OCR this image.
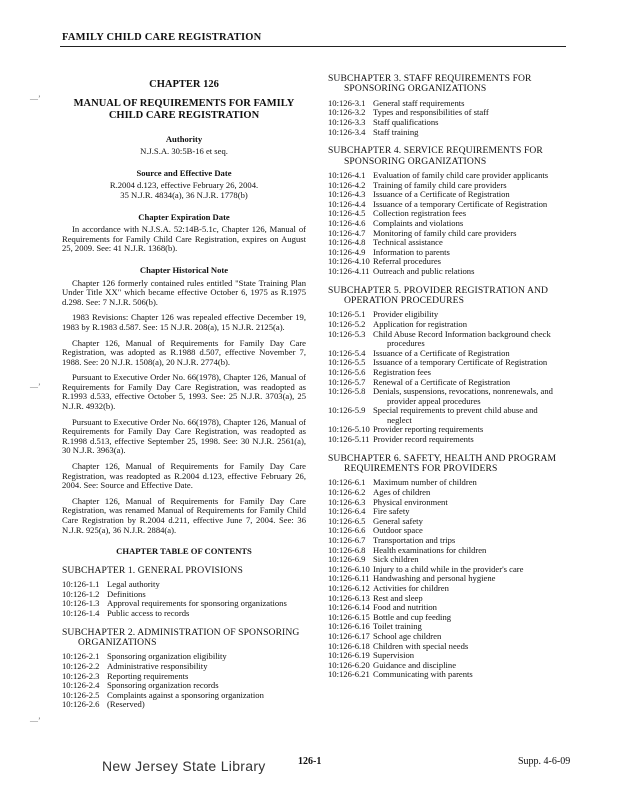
FAMILY CHILD CARE REGISTRATION
—’
—’
—’
CHAPTER 126
MANUAL OF REQUIREMENTS FOR FAMILY
CHILD CARE REGISTRATION
Authority
N.J.S.A. 30:5B-16 et seq.
Source and Effective Date
R.2004 d.123, effective February 26, 2004.
35 N.J.R. 4834(a), 36 N.J.R. 1778(b)
Chapter Expiration Date

In accordance with N.J.S.A. 52:14B-5.1c, Chapter 126, Manual of Requirements for Family Child Care Registration, expires on August 25, 2009. See: 41 N.J.R. 1368(b).

Chapter Historical Note

Chapter 126 formerly contained rules entitled "State Training Plan Under Title XX" which became effective October 6, 1975 as R.1975 d.298. See: 7 N.J.R. 506(b).

1983 Revisions: Chapter 126 was repealed effective December 19, 1983 by R.1983 d.587. See: 15 N.J.R. 208(a), 15 N.J.R. 2125(a).

Chapter 126, Manual of Requirements for Family Day Care Registration, was adopted as R.1988 d.507, effective November 7, 1988. See: 20 N.J.R. 1508(a), 20 N.J.R. 2774(b).

Pursuant to Executive Order No. 66(1978), Chapter 126, Manual of Requirements for Family Day Care Registration, was readopted as R.1993 d.533, effective October 5, 1993. See: 25 N.J.R. 3703(a), 25 N.J.R. 4932(b).

Pursuant to Executive Order No. 66(1978), Chapter 126, Manual of Requirements for Family Day Care Registration, was readopted as R.1998 d.513, effective September 25, 1998. See: 30 N.J.R. 2561(a), 30 N.J.R. 3963(a).

Chapter 126, Manual of Requirements for Family Day Care Registration, was readopted as R.2004 d.123, effective February 26, 2004. See: Source and Effective Date.

Chapter 126, Manual of Requirements for Family Day Care Registration, was renamed Manual of Requirements for Family Child Care Registration by R.2004 d.211, effective June 7, 2004. See: 36 N.J.R. 925(a), 36 N.J.R. 2884(a).

CHAPTER TABLE OF CONTENTS
SUBCHAPTER 1. GENERAL PROVISIONS
10:126-1.1 Legal authority
10:126-1.2 Definitions
10:126-1.3 Approval requirements for sponsoring organizations
10:126-1.4 Public access to records
SUBCHAPTER 2. ADMINISTRATION OF SPONSORING
ORGANIZATIONS
10:126-2.1 Sponsoring organization eligibility
10:126-2.2 Administrative responsibility
10:126-2.3 Reporting requirements
10:126-2.4 Sponsoring organization records
10:126-2.5 Complaints against a sponsoring organization
10:126-2.6 (Reserved)
SUBCHAPTER 3. STAFF REQUIREMENTS FOR
SPONSORING ORGANIZATIONS
10:126-3.1 General staff requirements
10:126-3.2 Types and responsibilities of staff
10:126-3.3 Staff qualifications
10:126-3.4 Staff training
SUBCHAPTER 4. SERVICE REQUIREMENTS FOR
SPONSORING ORGANIZATIONS
10:126-4.1 Evaluation of family child care provider applicants
10:126-4.2 Training of family child care providers
10:126-4.3 Issuance of a Certificate of Registration
10:126-4.4 Issuance of a temporary Certificate of Registration
10:126-4.5 Collection registration fees
10:126-4.6 Complaints and violations
10:126-4.7 Monitoring of family child care providers
10:126-4.8 Technical assistance
10:126-4.9 Information to parents
10:126-4.10 Referral procedures
10:126-4.11 Outreach and public relations
SUBCHAPTER 5. PROVIDER REGISTRATION AND
OPERATION PROCEDURES
10:126-5.1 Provider eligibility
10:126-5.2 Application for registration
10:126-5.3 Child Abuse Record Information background check
procedures
10:126-5.4 Issuance of a Certificate of Registration
10:126-5.5 Issuance of a temporary Certificate of Registration
10:126-5.6 Registration fees
10:126-5.7 Renewal of a Certificate of Registration
10:126-5.8 Denials, suspensions, revocations, nonrenewals, and
provider appeal procedures
10:126-5.9 Special requirements to prevent child abuse and
neglect
10:126-5.10 Provider reporting requirements
10:126-5.11 Provider record requirements
SUBCHAPTER 6. SAFETY, HEALTH AND PROGRAM
REQUIREMENTS FOR PROVIDERS
10:126-6.1 Maximum number of children
10:126-6.2 Ages of children
10:126-6.3 Physical environment
10:126-6.4 Fire safety
10:126-6.5 General safety
10:126-6.6 Outdoor space
10:126-6.7 Transportation and trips
10:126-6.8 Health examinations for children
10:126-6.9 Sick children
10:126-6.10 Injury to a child while in the provider's care
10:126-6.11 Handwashing and personal hygiene
10:126-6.12 Activities for children
10:126-6.13 Rest and sleep
10:126-6.14 Food and nutrition
10:126-6.15 Bottle and cup feeding
10:126-6.16 Toilet training
10:126-6.17 School age children
10:126-6.18 Children with special needs
10:126-6.19 Supervision
10:126-6.20 Guidance and discipline
10:126-6.21 Communicating with parents
New Jersey State Library	126-1	Supp. 4-6-09
